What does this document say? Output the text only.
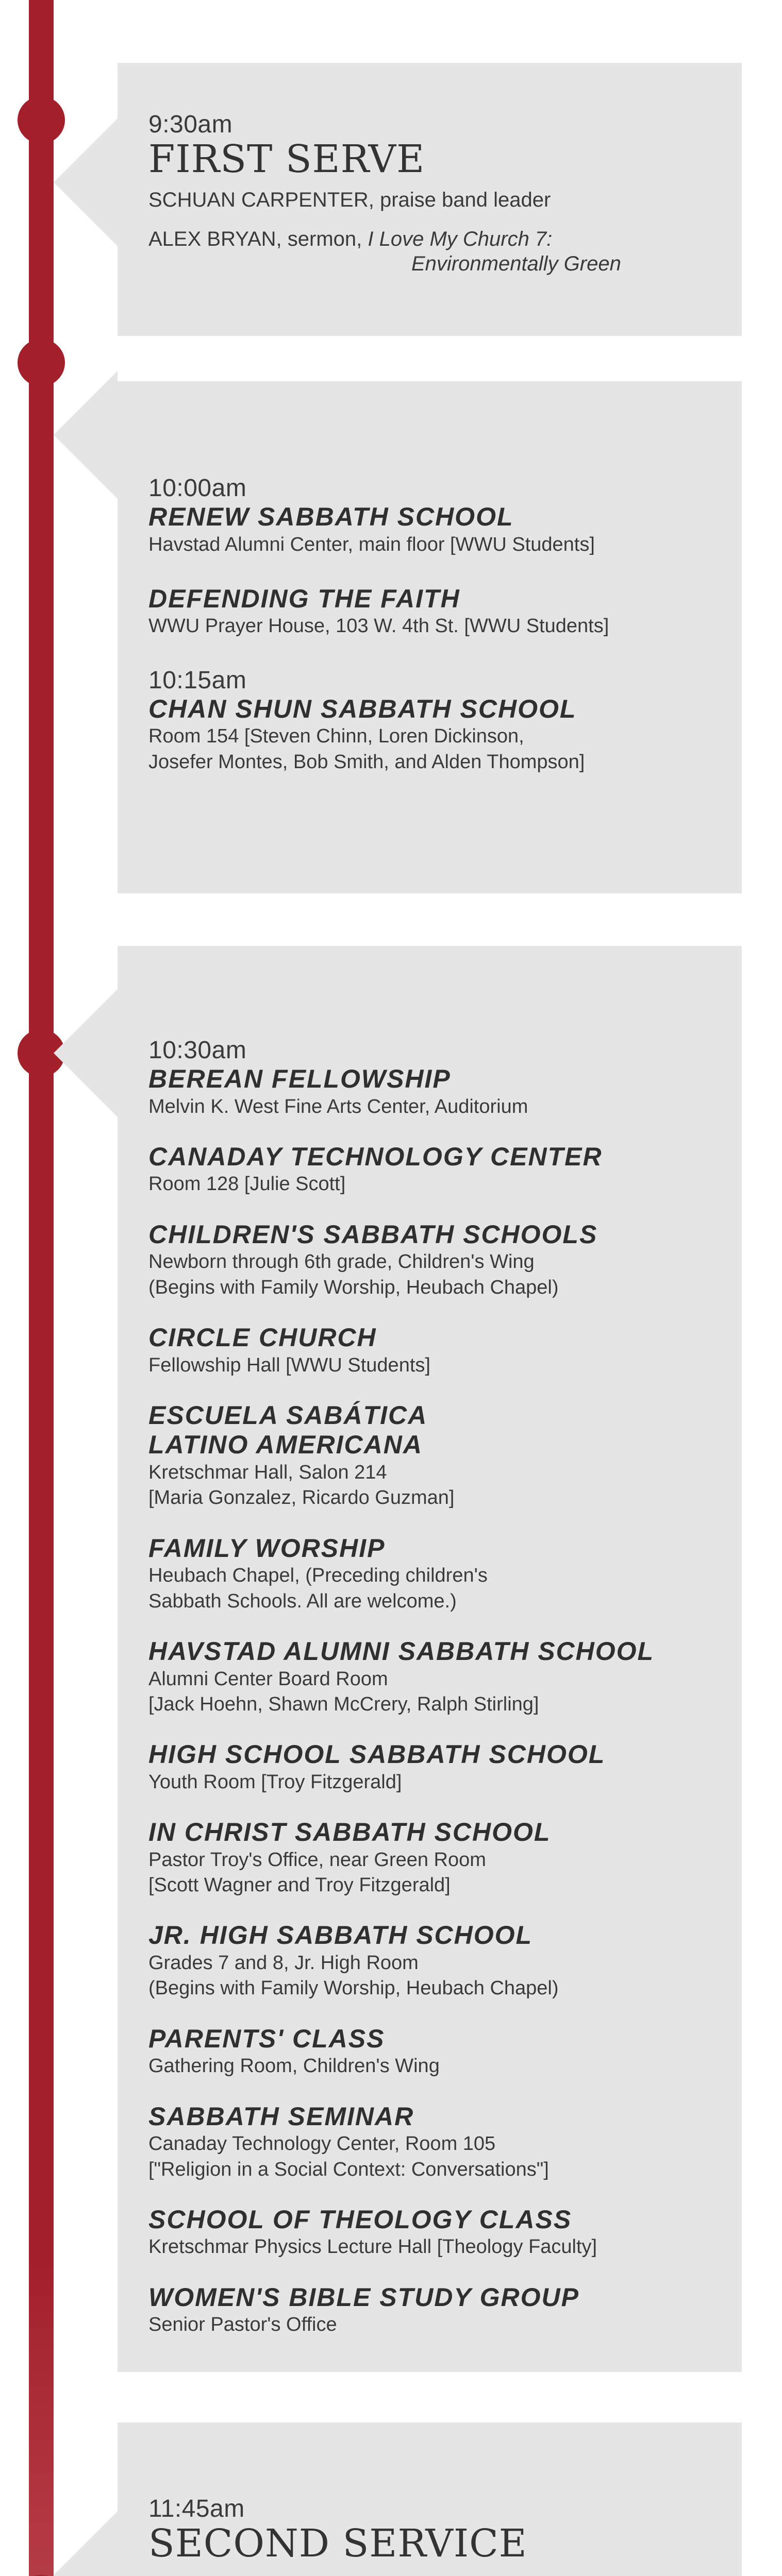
9:30am
FIRST SERVE
SCHUAN CARPENTER, praise band leader
ALEX BRYAN, sermon, I Love My Church 7:
Environmentally Green
10:00am
RENEW SABBATH SCHOOL
Havstad Alumni Center, main floor [WWU Students]
DEFENDING THE FAITH
WWU Prayer House, 103 W. 4th St. [WWU Students]
10:15am
CHAN SHUN SABBATH SCHOOL
Room 154 [Steven Chinn, Loren Dickinson,
Josefer Montes, Bob Smith, and Alden Thompson]
10:30am
BEREAN FELLOWSHIP
Melvin K. West Fine Arts Center, Auditorium
CANADAY TECHNOLOGY CENTER
Room 128 [Julie Scott]
CHILDREN'S SABBATH SCHOOLS
Newborn through 6th grade, Children's Wing
(Begins with Family Worship, Heubach Chapel)
CIRCLE CHURCH
Fellowship Hall [WWU Students]
ESCUELA SABÁTICA
LATINO AMERICANA
Kretschmar Hall, Salon 214
[Maria Gonzalez, Ricardo Guzman]
FAMILY WORSHIP
Heubach Chapel, (Preceding children's
Sabbath Schools. All are welcome.)
HAVSTAD ALUMNI SABBATH SCHOOL
Alumni Center Board Room
[Jack Hoehn, Shawn McCrery, Ralph Stirling]
HIGH SCHOOL SABBATH SCHOOL
Youth Room [Troy Fitzgerald]
IN CHRIST SABBATH SCHOOL
Pastor Troy's Office, near Green Room
[Scott Wagner and Troy Fitzgerald]
JR. HIGH SABBATH SCHOOL
Grades 7 and 8, Jr. High Room
(Begins with Family Worship, Heubach Chapel)
PARENTS' CLASS
Gathering Room, Children's Wing
SABBATH SEMINAR
Canaday Technology Center, Room 105
["Religion in a Social Context: Conversations"]
SCHOOL OF THEOLOGY CLASS
Kretschmar Physics Lecture Hall [Theology Faculty]
WOMEN'S BIBLE STUDY GROUP
Senior Pastor's Office
11:45am
SECOND SERVICE
